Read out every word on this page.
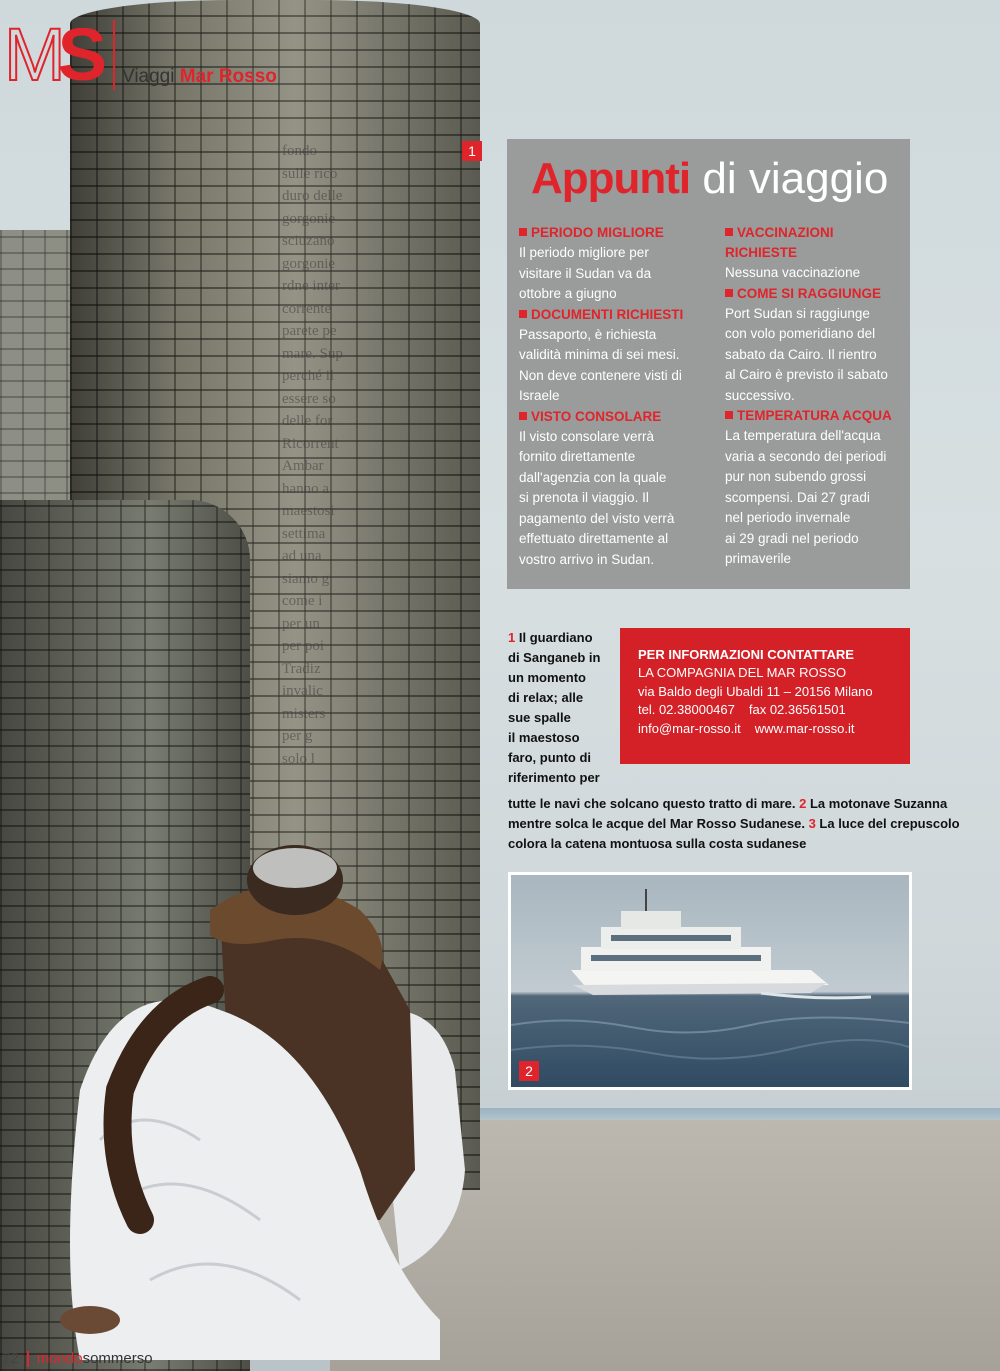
M S Viaggi Mar Rosso
fondo
sulle rico
duro delle
gorgonie
sciuzano
gorgonie
rdne inter
corrente
parete pe
mare. Sup
perché il
essere so
delle for
Ricorrent
Ambar
hanno a
maestosi
settima
ad una
siamo g
come i
per un
per poi
Tradiz
invalic
misters
per g
solo l
1
Appunti di viaggio
PERIODO MIGLIORE
Il periodo migliore per
visitare il Sudan va da
ottobre a giugno
DOCUMENTI RICHIESTI
Passaporto, è richiesta
validità minima di sei mesi.
Non deve contenere visti di
Israele
VISTO CONSOLARE
Il visto consolare verrà
fornito direttamente
dall'agenzia con la quale
si prenota il viaggio. Il
pagamento del visto verrà
effettuato direttamente al
vostro arrivo in Sudan.
VACCINAZIONI
RICHIESTE
Nessuna vaccinazione
COME SI RAGGIUNGE
Port Sudan si raggiunge
con volo pomeridiano del
sabato da Cairo. Il rientro
al Cairo è previsto il sabato
successivo.
TEMPERATURA ACQUA
La temperatura dell'acqua
varia a secondo dei periodi
pur non subendo grossi
scompensi. Dai 27 gradi
nel periodo invernale
ai 29 gradi nel periodo
primaverile
1 Il guardiano
di Sanganeb in
un momento
di relax; alle
sue spalle
il maestoso
faro, punto di
riferimento per
PER INFORMAZIONI CONTATTARE
LA COMPAGNIA DEL MAR ROSSO
via Baldo degli Ubaldi 11 – 20156 Milano
tel. 02.38000467 fax 02.36561501
info@mar-rosso.it www.mar-rosso.it
tutte le navi che solcano questo tratto di mare. 2 La motonave Suzanna
mentre solca le acque del Mar Rosso Sudanese. 3 La luce del crepuscolo
colora la catena montuosa sulla costa sudanese
2
72 mondosommerso
